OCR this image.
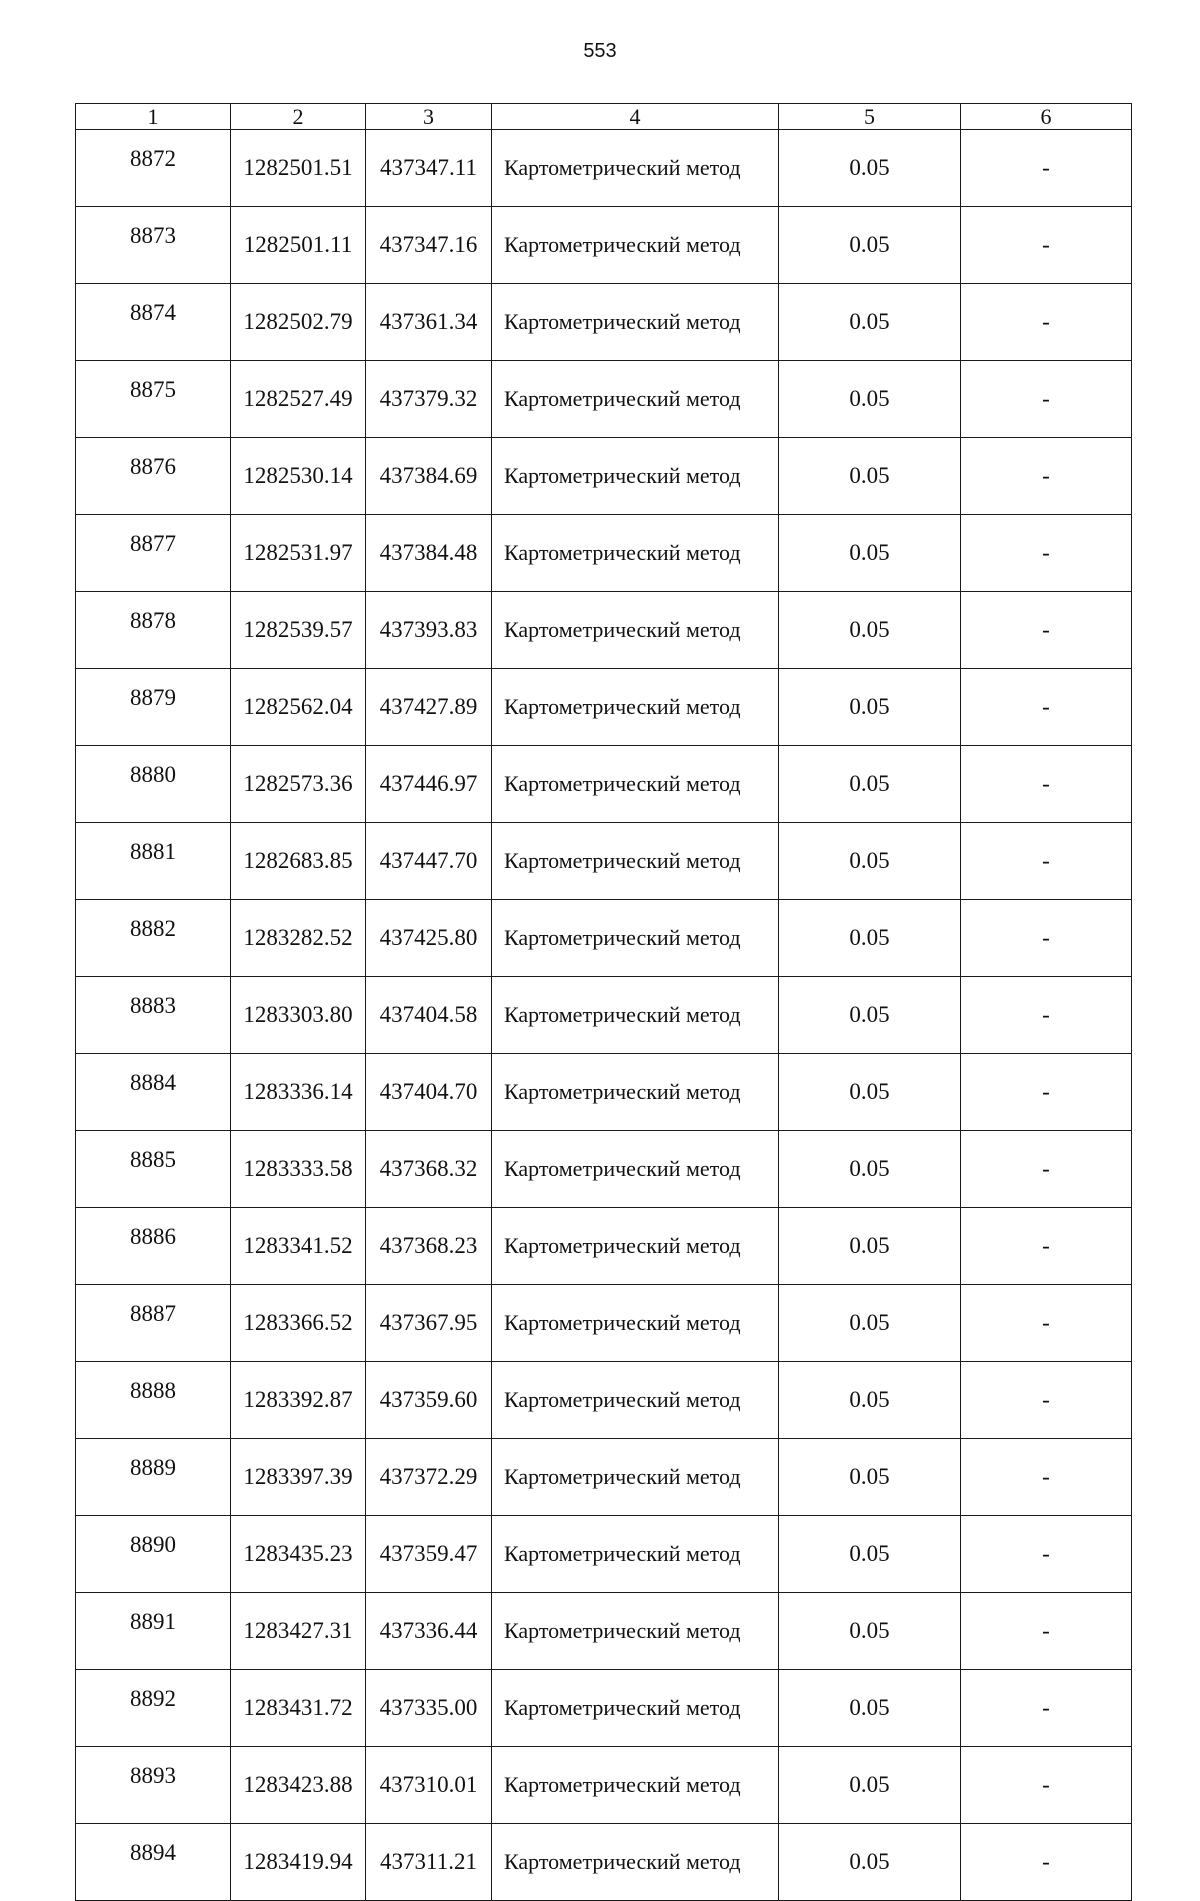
553
1	2	3	4	5	6
8872	1282501.51	437347.11	Картометрический метод	0.05	-
8873	1282501.11	437347.16	Картометрический метод	0.05	-
8874	1282502.79	437361.34	Картометрический метод	0.05	-
8875	1282527.49	437379.32	Картометрический метод	0.05	-
8876	1282530.14	437384.69	Картометрический метод	0.05	-
8877	1282531.97	437384.48	Картометрический метод	0.05	-
8878	1282539.57	437393.83	Картометрический метод	0.05	-
8879	1282562.04	437427.89	Картометрический метод	0.05	-
8880	1282573.36	437446.97	Картометрический метод	0.05	-
8881	1282683.85	437447.70	Картометрический метод	0.05	-
8882	1283282.52	437425.80	Картометрический метод	0.05	-
8883	1283303.80	437404.58	Картометрический метод	0.05	-
8884	1283336.14	437404.70	Картометрический метод	0.05	-
8885	1283333.58	437368.32	Картометрический метод	0.05	-
8886	1283341.52	437368.23	Картометрический метод	0.05	-
8887	1283366.52	437367.95	Картометрический метод	0.05	-
8888	1283392.87	437359.60	Картометрический метод	0.05	-
8889	1283397.39	437372.29	Картометрический метод	0.05	-
8890	1283435.23	437359.47	Картометрический метод	0.05	-
8891	1283427.31	437336.44	Картометрический метод	0.05	-
8892	1283431.72	437335.00	Картометрический метод	0.05	-
8893	1283423.88	437310.01	Картометрический метод	0.05	-
8894	1283419.94	437311.21	Картометрический метод	0.05	-
